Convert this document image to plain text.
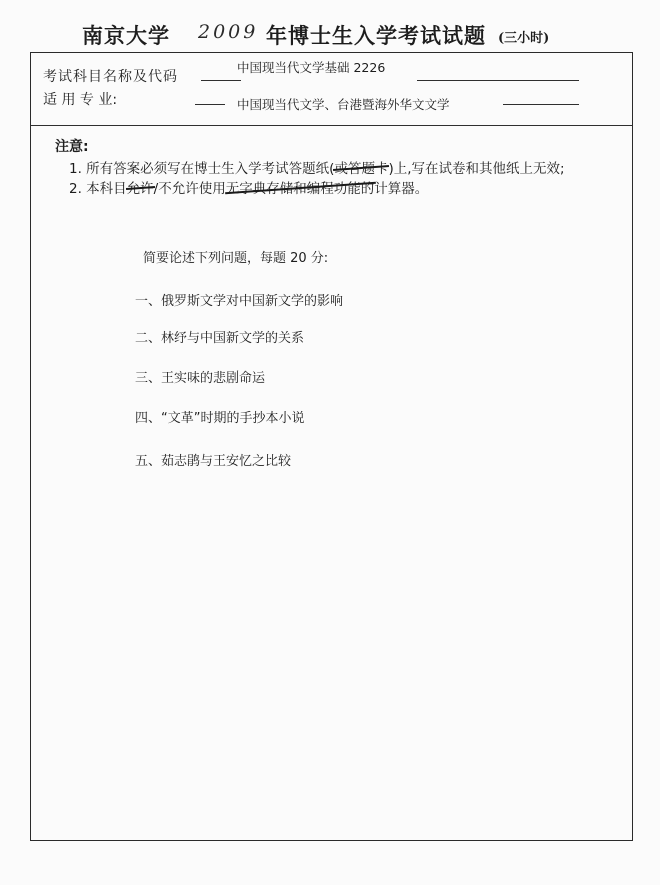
南京大学 2009 年博士生入学考试试题 (三小时)
考试科目名称及代码
中国现当代文学基础 2226
适 用 专 业:	中国现当代文学、台港暨海外华文文学
注意:
1. 所有答案必须写在博士生入学考试答题纸(或答题卡)上,写在试卷和其他纸上无效;
2. 本科目允许/不允许使用无字典存储和编程功能的计算器。
简要论述下列问题，每题 20 分:
一、俄罗斯文学对中国新文学的影响
二、林纾与中国新文学的关系
三、王实味的悲剧命运
四、“文革”时期的手抄本小说
五、茹志鹃与王安忆之比较
